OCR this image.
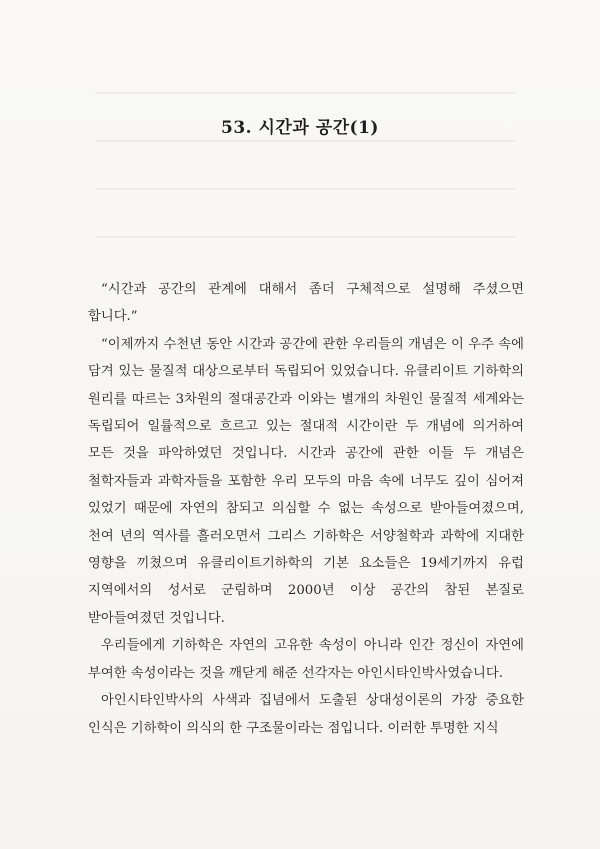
53. 시간과 공간(1)

“시간과 공간의 관계에 대해서 좀더 구체적으로 설명해 주셨으면 합니다.”

“이제까지 수천년 동안 시간과 공간에 관한 우리들의 개념은 이 우주 속에 담겨 있는 물질적 대상으로부터 독립되어 있었습니다. 유클리이트 기하학의 원리를 따르는 3차원의 절대공간과 이와는 별개의 차원인 물질적 세계와는 독립되어 일률적으로 흐르고 있는 절대적 시간이란 두 개념에 의거하여 모든 것을 파악하였던 것입니다. 시간과 공간에 관한 이들 두 개념은 철학자들과 과학자들을 포함한 우리 모두의 마음 속에 너무도 깊이 심어져 있었기 때문에 자연의 참되고 의심할 수 없는 속성으로 받아들여졌으며, 천여 년의 역사를 흘러오면서 그리스 기하학은 서양철학과 과학에 지대한 영향을 끼쳤으며 유클리이트기하학의 기본 요소들은 19세기까지 유럽 지역에서의 성서로 군림하며 2000년 이상 공간의 참된 본질로 받아들여졌던 것입니다.

우리들에게 기하학은 자연의 고유한 속성이 아니라 인간 정신이 자연에 부여한 속성이라는 것을 깨닫게 해준 선각자는 아인시타인박사였습니다.

아인시타인박사의 사색과 집념에서 도출된 상대성이론의 가장 중요한 인식은 기하학이 의식의 한 구조물이라는 점입니다. 이러한 투명한 지식
